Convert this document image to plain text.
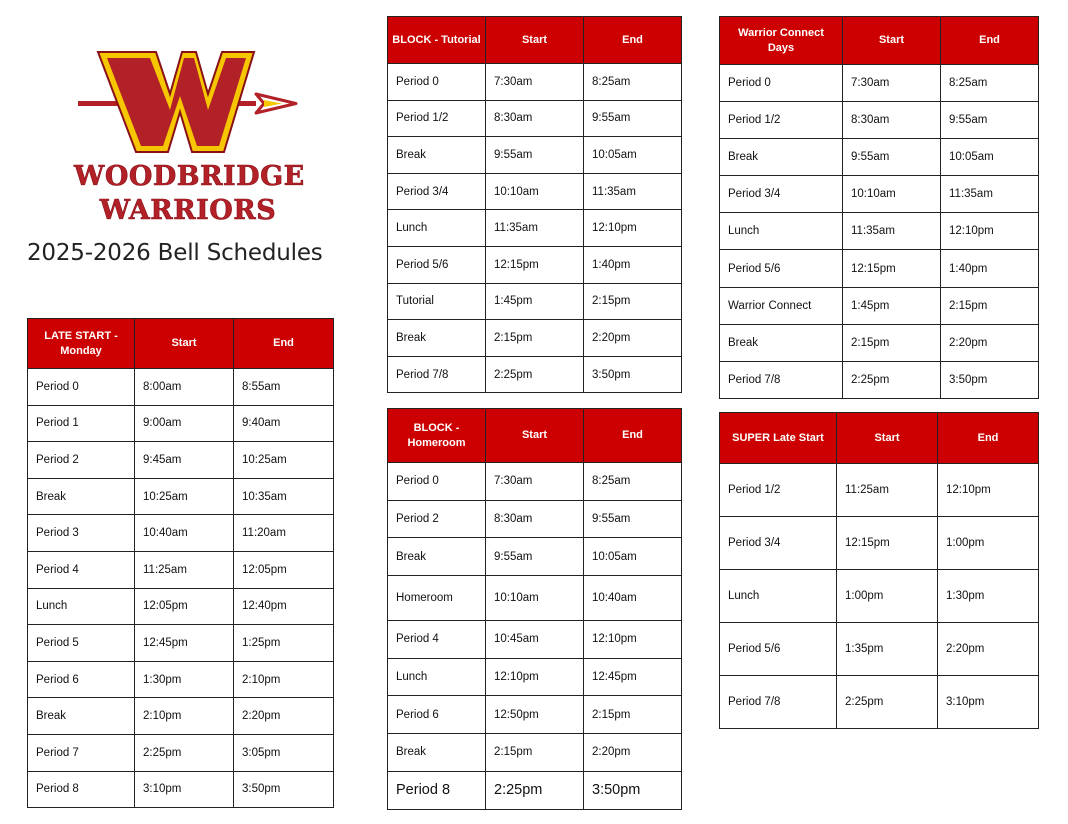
WOODBRIDGE
WARRIORS
2025-2026 Bell Schedules
LATE START - Monday	Start	End
Period 0	8:00am	8:55am
Period 1	9:00am	9:40am
Period 2	9:45am	10:25am
Break	10:25am	10:35am
Period 3	10:40am	11:20am
Period 4	11:25am	12:05pm
Lunch	12:05pm	12:40pm
Period 5	12:45pm	1:25pm
Period 6	1:30pm	2:10pm
Break	2:10pm	2:20pm
Period 7	2:25pm	3:05pm
Period 8	3:10pm	3:50pm
BLOCK - Tutorial	Start	End
Period 0	7:30am	8:25am
Period 1/2	8:30am	9:55am
Break	9:55am	10:05am
Period 3/4	10:10am	11:35am
Lunch	11:35am	12:10pm
Period 5/6	12:15pm	1:40pm
Tutorial	1:45pm	2:15pm
Break	2:15pm	2:20pm
Period 7/8	2:25pm	3:50pm
BLOCK - Homeroom	Start	End
Period 0	7:30am	8:25am
Period 2	8:30am	9:55am
Break	9:55am	10:05am
Homeroom	10:10am	10:40am
Period 4	10:45am	12:10pm
Lunch	12:10pm	12:45pm
Period 6	12:50pm	2:15pm
Break	2:15pm	2:20pm
Period 8	2:25pm	3:50pm
Warrior Connect Days	Start	End
Period 0	7:30am	8:25am
Period 1/2	8:30am	9:55am
Break	9:55am	10:05am
Period 3/4	10:10am	11:35am
Lunch	11:35am	12:10pm
Period 5/6	12:15pm	1:40pm
Warrior Connect	1:45pm	2:15pm
Break	2:15pm	2:20pm
Period 7/8	2:25pm	3:50pm
SUPER Late Start	Start	End
Period 1/2	11:25am	12:10pm
Period 3/4	12:15pm	1:00pm
Lunch	1:00pm	1:30pm
Period 5/6	1:35pm	2:20pm
Period 7/8	2:25pm	3:10pm
